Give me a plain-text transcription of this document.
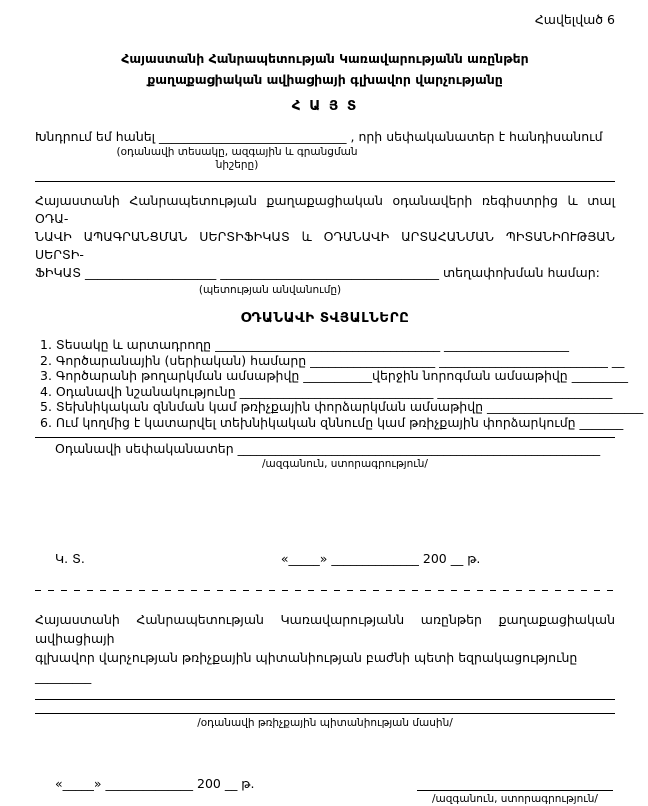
Հավելված 6
Հայաստանի Հանրապետության Կառավարությանն առընթեր
քաղաքացիական ավիացիայի գլխավոր վարչությանը
Հ Ա Յ Տ
Խնդրում եմ հանել ______________________________ , որի սեփականատեր է հանդիսանում
(օդանավի տեսակը, ազգային և գրանցման նիշերը)
Հայաստանի Հանրապետության քաղաքացիական օդանավերի ռեգիստրից և տալ ՕԴԱ-
ՆԱՎԻ ԱՊԱԳՐԱՆՑՄԱՆ ՍԵՐՏԻՖԻԿԱՏ և ՕԴԱՆԱՎԻ ԱՐՏԱՀԱՆՄԱՆ ՊԻՏԱՆԻՈՒԹՅԱՆ ՍԵՐՏԻ-
ՖԻԿԱՏ _____________________ ___________________________________ տեղափոխման համար:
(պետության անվանումը)
ՕԴԱՆԱՎԻ ՏՎՅԱԼՆԵՐԸ
1. Տեսակը և արտադրողը ____________________________________ ____________________
2. Գործարանային (սերիական) համարը ____________________ ___________________________ __
3. Գործարանի թողարկման ամսաթիվը ___________վերջին նորոգման ամսաթիվը _________
4. Օդանավի նշանակությունը _______________________________ ____________________________
5. Տեխնիկական զննման կամ թռիչքային փորձարկման ամսաթիվը _________________________
6. Ում կողմից է կատարվել տեխնիկական զննումը կամ թռիչքային փորձարկումը _______
Օդանավի սեփականատեր __________________________________________________________
/ազգանուն, ստորագրություն/
Կ. Տ.	«_____» ______________ 200 __ թ.
Հայաստանի Հանրապետության Կառավարությանն առընթեր քաղաքացիական ավիացիայի
գլխավոր վարչության թռիչքային պիտանիության բաժնի պետի եզրակացությունը _________
/օդանավի թռիչքային պիտանիության մասին/
«_____» ______________ 200 __ թ.
/ազգանուն, ստորագրություն/
